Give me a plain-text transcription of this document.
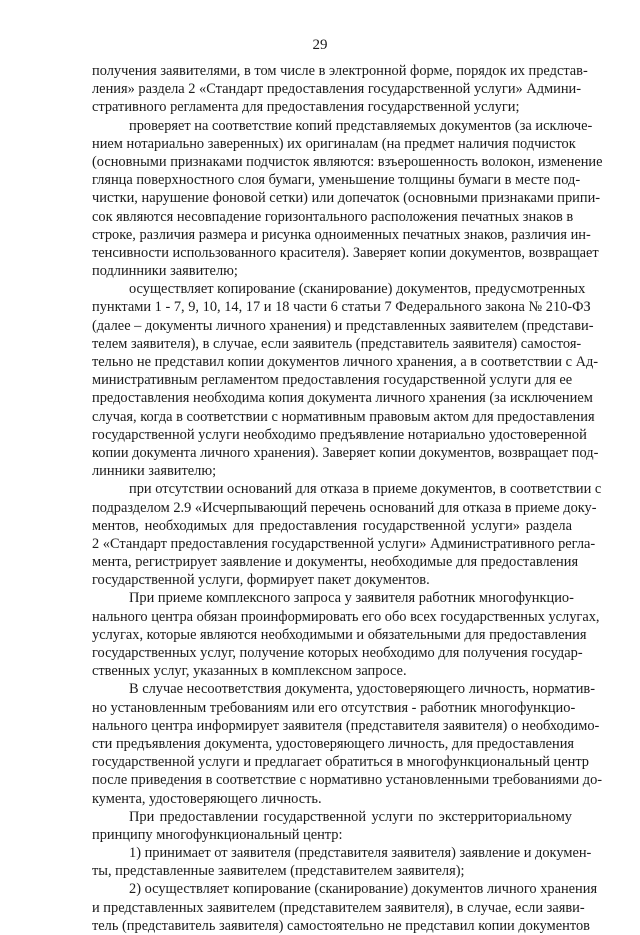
29
получения заявителями, в том числе в электронной форме, порядок их представ-
ления» раздела 2 «Стандарт предоставления государственной услуги» Админи-
стративного регламента для предоставления государственной услуги;
проверяет на соответствие копий представляемых документов (за исключе-
нием нотариально заверенных) их оригиналам (на предмет наличия подчисток
(основными признаками подчисток являются: взъерошенность волокон, изменение
глянца поверхностного слоя бумаги, уменьшение толщины бумаги в месте под-
чистки, нарушение фоновой сетки) или допечаток (основными признаками припи-
сок являются несовпадение горизонтального расположения печатных знаков в
строке, различия размера и рисунка одноименных печатных знаков, различия ин-
тенсивности использованного красителя). Заверяет копии документов, возвращает
подлинники заявителю;
осуществляет копирование (сканирование) документов, предусмотренных
пунктами 1 - 7, 9, 10, 14, 17 и 18 части 6 статьи 7 Федерального закона № 210-ФЗ
(далее – документы личного хранения) и представленных заявителем (представи-
телем заявителя), в случае, если заявитель (представитель заявителя) самостоя-
тельно не представил копии документов личного хранения, а в соответствии с Ад-
министративным регламентом предоставления государственной услуги для ее
предоставления необходима копия документа личного хранения (за исключением
случая, когда в соответствии с нормативным правовым актом для предоставления
государственной услуги необходимо предъявление нотариально удостоверенной
копии документа личного хранения). Заверяет копии документов, возвращает под-
линники заявителю;
при отсутствии оснований для отказа в приеме документов, в соответствии с
подразделом 2.9 «Исчерпывающий перечень оснований для отказа в приеме доку-
ментов, необходимых для предоставления государственной услуги» раздела
2 «Стандарт предоставления государственной услуги» Административного регла-
мента, регистрирует заявление и документы, необходимые для предоставления
государственной услуги, формирует пакет документов.
При приеме комплексного запроса у заявителя работник многофункцио-
нального центра обязан проинформировать его обо всех государственных услугах,
услугах, которые являются необходимыми и обязательными для предоставления
государственных услуг, получение которых необходимо для получения государ-
ственных услуг, указанных в комплексном запросе.
В случае несоответствия документа, удостоверяющего личность, норматив-
но установленным требованиям или его отсутствия - работник многофункцио-
нального центра информирует заявителя (представителя заявителя) о необходимо-
сти предъявления документа, удостоверяющего личность, для предоставления
государственной услуги и предлагает обратиться в многофункциональный центр
после приведения в соответствие с нормативно установленными требованиями до-
кумента, удостоверяющего личность.
При предоставлении государственной услуги по экстерриториальному
принципу многофункциональный центр:
1) принимает от заявителя (представителя заявителя) заявление и докумен-
ты, представленные заявителем (представителем заявителя);
2) осуществляет копирование (сканирование) документов личного хранения
и представленных заявителем (представителем заявителя), в случае, если заяви-
тель (представитель заявителя) самостоятельно не представил копии документов
